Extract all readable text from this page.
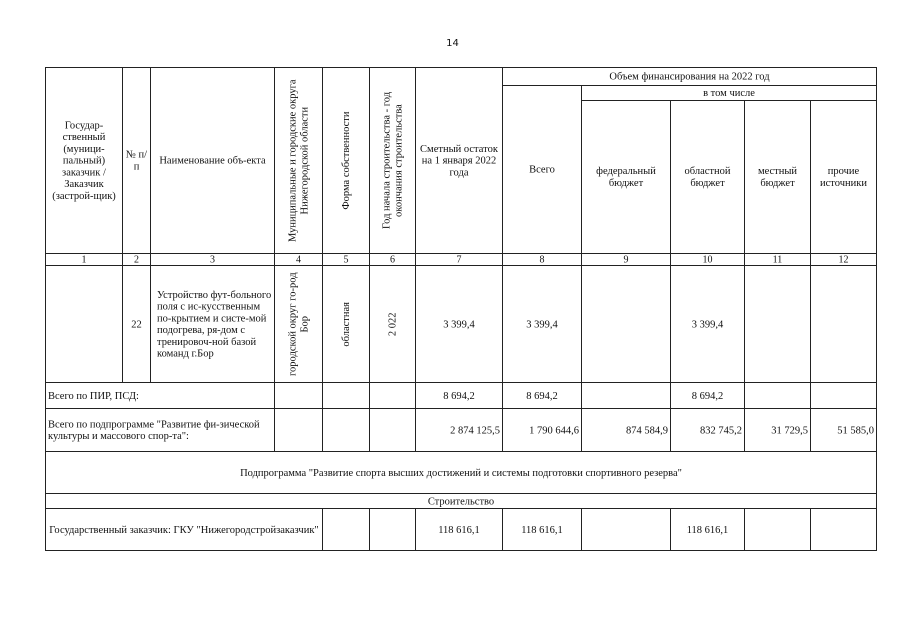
14
Государ-ственный (муници-пальный) заказчик / Заказчик (застрой-щик)	№ п/п	Наименование объ-екта	Муниципальные и городские округа Нижегородской области	Форма собственности	Год начала строительства - год окончания строительства	Сметный остаток на 1 января 2022 года	Объем финансирования на 2022 год				
							Всего	в том числе			
								федеральный бюджет	областной бюджет	местный бюджет	прочие источники
1	2	3	4	5	6	7	8	9	10	11	12
	22	Устройство фут-больного поля с ис-кусственным по-крытием и систе-мой подогрева, ря-дом с тренировоч-ной базой команд г.Бор	городской округ го-род Бор	областная	2 022	3 399,4	3 399,4		3 399,4		
Всего по ПИР, ПСД:						8 694,2	8 694,2		8 694,2		
Всего по подпрограмме "Развитие фи-зической культуры и массового спор-та":						2 874 125,5	1 790 644,6	874 584,9	832 745,2	31 729,5	51 585,0
Подпрограмма "Развитие спорта высших достижений и системы подготовки спортивного резерва"											
Строительство											
Государственный заказчик: ГКУ "Нижегородстройзаказчик"						118 616,1	118 616,1		118 616,1		
